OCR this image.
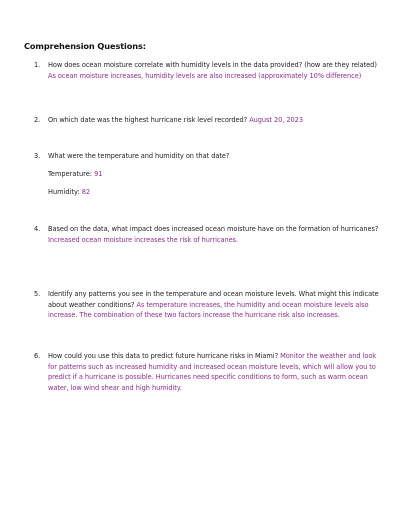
Comprehension Questions:
1.	How does ocean moisture correlate with humidity levels in the data provided? (how are they related) As ocean moisture increases, humidity levels are also increased (approximately 10% difference)
2.	On which date was the highest hurricane risk level recorded? August 20, 2023
3.	What were the temperature and humidity on that date?
Temperature: 91
Humidity: 82
4.	Based on the data, what impact does increased ocean moisture have on the formation of hurricanes? Increased ocean moisture increases the risk of hurricanes.
5.	Identify any patterns you see in the temperature and ocean moisture levels. What might this indicate about weather conditions? As temperature increases, the humidity and ocean moisture levels also increase. The combination of these two factors increase the hurricane risk also increases.
6.	How could you use this data to predict future hurricane risks in Miami? Monitor the weather and look for patterns such as increased humidity and increased ocean moisture levels, which will allow you to predict if a hurricane is possible. Hurricanes need specific conditions to form, such as warm ocean water, low wind shear and high humidity.
